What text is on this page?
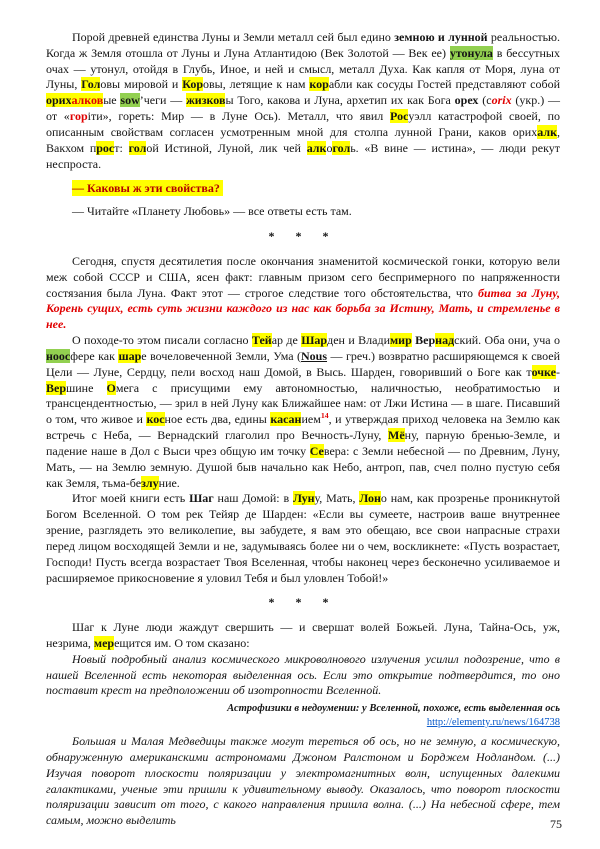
Порой древней единства Луны и Земли металл сей был едино земною и лунной реальностью. Когда ж Земля отошла от Луны и Луна Атлантидою (Век Золотой — Век ее) утонула в бессутных очах — утонул, отойдя в Глубь, Иное, и ней и смысл, металл Духа. Как капля от Моря, луна от Луны, Головы мировой и Коровы, летящие к нам корабли как сосуды Гостей представляют собой орихалковые sow’чеги — жизковы Того, какова и Луна, архетип их как Бога орех (сorix (укр.) — от «горіти», гореть: Мир — в Луне Ось). Металл, что явил Росуэлл катастрофой своей, по описанным свойствам согласен усмотренным мной для столпа лунной Грани, каков орихалк, Вакхом прост: голой Истиной, Луной, лик чей алкоголь. «В вине — истина», — люди рекут неспроста.
— Каковы ж эти свойства?
— Читайте «Планету Любовь» — все ответы есть там.
* * *
Сегодня, спустя десятилетия после окончания знаменитой космической гонки, которую вели меж собой СССР и США, ясен факт: главным призом сего беспримерного по напряженности состязания была Луна. Факт этот — строгое следствие того обстоятельства, что битва за Луну, Корень сущих, есть суть жизни каждого из нас как борьба за Истину, Мать, и стремленье в нее.
О походе-то этом писали согласно Тейар де Шарден и Владимир Вернадский. Оба они, уча о ноосфере как шаре вочеловеченной Земли, Ума (Nous — греч.) возвратно расширяющемся к своей Цели — Луне, Сердцу, пели восход наш Домой, в Высь. Шарден, говоривший о Боге как точке-Вершине Омега с присущими ему автономностью, наличностью, необратимостью и трансцендентностью, — зрил в ней Луну как Ближайшее нам: от Лжи Истина — в шаге. Писавший о том, что живое и косное есть два, едины касанием$^{14}$, и утверждая приход человека на Землю как встречь с Неба, — Вернадский глаголил про Вечность-Луну, Мёну, парную бренью-Земле, и падение наше в Дол с Выси чрез общую им точку Севера: с Земли небесной — по Древним, Луну, Мать, — на Землю земную. Душой быв начально как Небо, антроп, пав, счел полно пустую себя как Земля, тьма-безлуние.
Итог моей книги есть Шаг наш Домой: в Луну, Мать, Лоно нам, как прозренье проникнутой Богом Вселенной. О том рек Тейяр де Шарден: «Если вы сумеете, настроив ваше внутреннее зрение, разглядеть это великолепие, вы забудете, я вам это обещаю, все свои напрасные страхи перед лицом восходящей Земли и не, задумываясь более ни о чем, воскликнете: «Пусть возрастает, Господи! Пусть всегда возрастает Твоя Вселенная, чтобы наконец через бесконечно усиливаемое и расширяемое прикосновение я уловил Тебя и был уловлен Тобой!»
* * *
Шаг к Луне люди жаждут свершить — и свершат волей Божьей. Луна, Тайна-Ось, уж, незрима, мерещится им. О том сказано:
Новый подробный анализ космического микроволнового излучения усилил подозрение, что в нашей Вселенной есть некоторая выделенная ось. Если это открытие подтвердится, то оно поставит крест на предположении об изотропности Вселенной.
Астрофизики в недоумении: у Вселенной, похоже, есть выделенная ось
http://elementy.ru/news/164738
Большая и Малая Медведицы также могут тереться об ось, но не земную, а космическую, обнаруженную американскими астрономами Джоном Ралстоном и Борджем Нодландом. (...) Изучая поворот плоскости поляризации у электромагнитных волн, испущенных далекими галактиками, ученые эти пришли к удивительному выводу. Оказалось, что поворот плоскости поляризации зависит от того, с какого направления пришла волна. (...) На небесной сфере, тем самым, можно выделить	75
